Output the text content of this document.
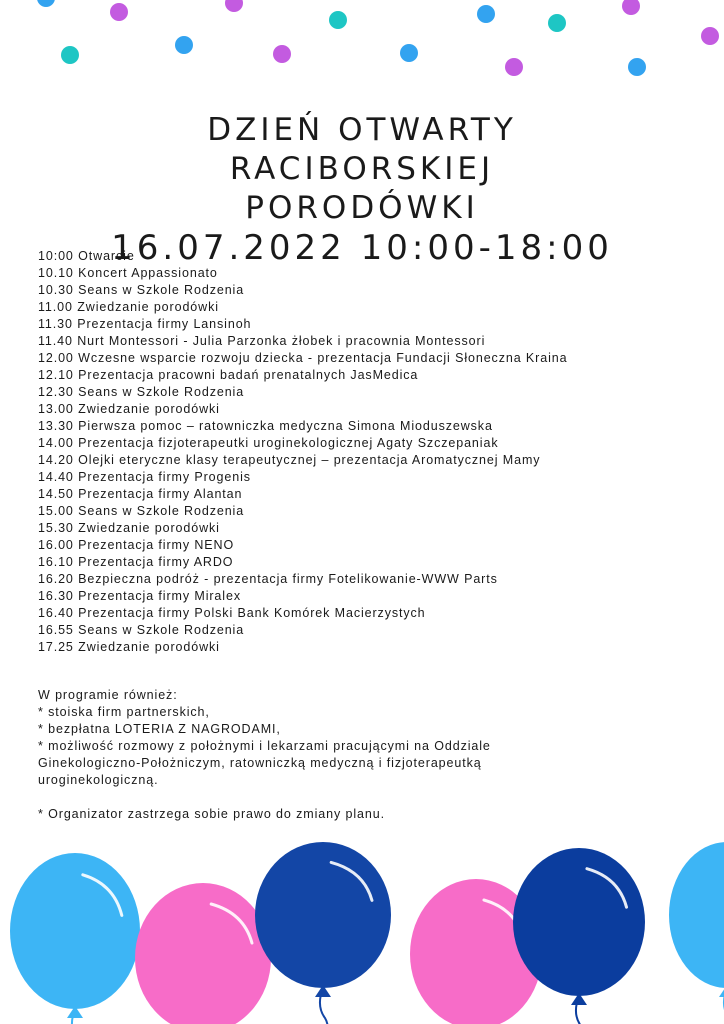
DZIEŃ OTWARTY
RACIBORSKIEJ
PORODÓWKI
16.07.2022 10:00-18:00
10:00 Otwarcie
10.10 Koncert Appassionato
10.30 Seans w Szkole Rodzenia
11.00 Zwiedzanie porodówki
11.30 Prezentacja firmy Lansinoh
11.40 Nurt Montessori - Julia Parzonka żłobek i pracownia Montessori
12.00 Wczesne wsparcie rozwoju dziecka - prezentacja Fundacji Słoneczna Kraina
12.10 Prezentacja pracowni badań prenatalnych JasMedica
12.30 Seans w Szkole Rodzenia
13.00 Zwiedzanie porodówki
13.30 Pierwsza pomoc – ratowniczka medyczna Simona Mioduszewska
14.00 Prezentacja fizjoterapeutki uroginekologicznej Agaty Szczepaniak
14.20 Olejki eteryczne klasy terapeutycznej – prezentacja Aromatycznej Mamy
14.40 Prezentacja firmy Progenis
14.50 Prezentacja firmy Alantan
15.00 Seans w Szkole Rodzenia
15.30 Zwiedzanie porodówki
16.00 Prezentacja firmy NENO
16.10 Prezentacja firmy ARDO
16.20 Bezpieczna podróż - prezentacja firmy Fotelikowanie-WWW Parts
16.30 Prezentacja firmy Miralex
16.40 Prezentacja firmy Polski Bank Komórek Macierzystych
16.55 Seans w Szkole Rodzenia
17.25 Zwiedzanie porodówki
W programie również:
* stoiska firm partnerskich,
* bezpłatna LOTERIA Z NAGRODAMI,
* możliwość rozmowy z położnymi i lekarzami pracującymi na Oddziale
Ginekologiczno-Położniczym, ratowniczką medyczną i fizjoterapeutką
uroginekologiczną.
* Organizator zastrzega sobie prawo do zmiany planu.
